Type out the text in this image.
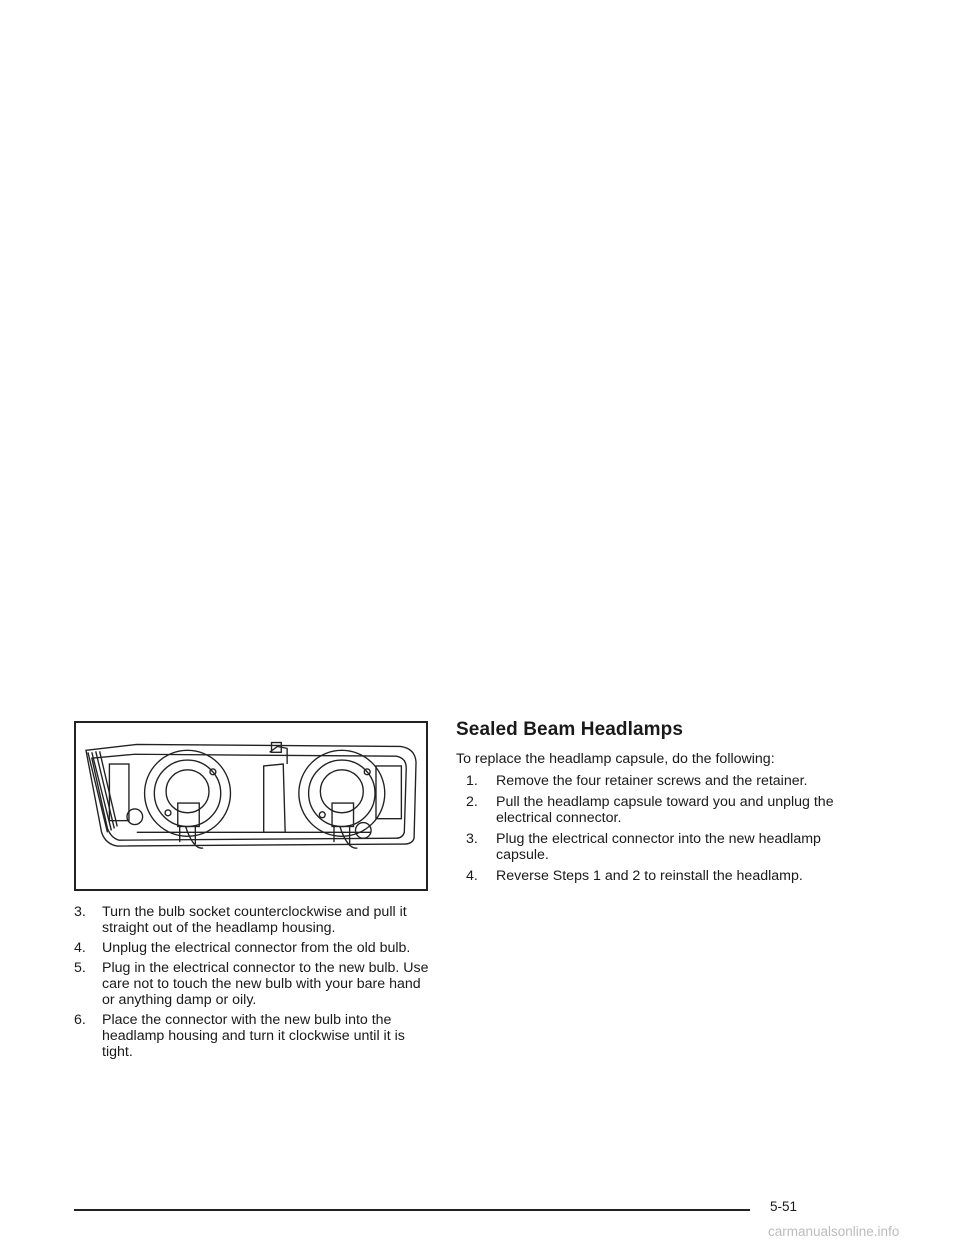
3. Turn the bulb socket counterclockwise and pull it straight out of the headlamp housing.
4. Unplug the electrical connector from the old bulb.
5. Plug in the electrical connector to the new bulb. Use care not to touch the new bulb with your bare hand or anything damp or oily.
6. Place the connector with the new bulb into the headlamp housing and turn it clockwise until it is tight.
Sealed Beam Headlamps

To replace the headlamp capsule, do the following:

1. Remove the four retainer screws and the retainer.
2. Pull the headlamp capsule toward you and unplug the electrical connector.
3. Plug the electrical connector into the new headlamp capsule.
4. Reverse Steps 1 and 2 to reinstall the headlamp.
5-51
carmanualsonline.info
